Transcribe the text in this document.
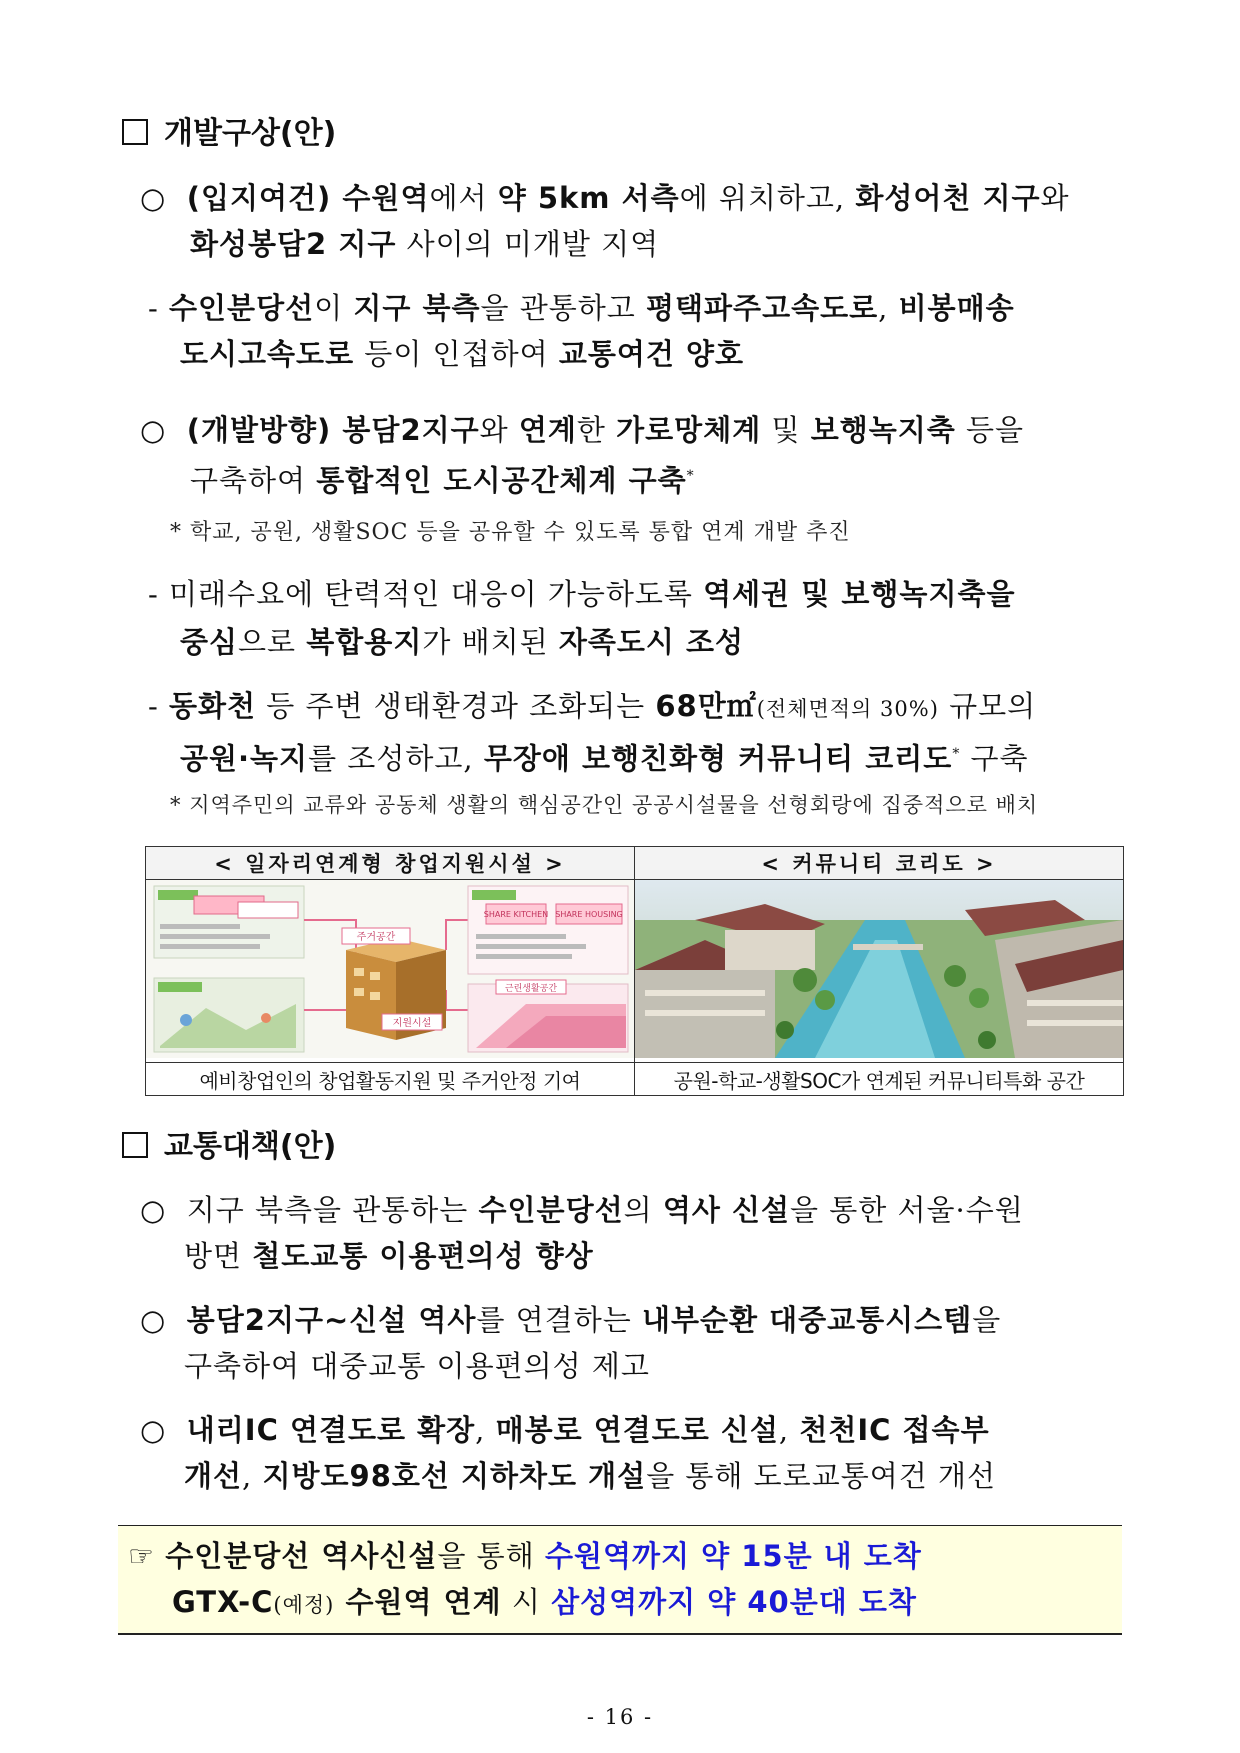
개발구상(안)
○ (입지여건) 수원역에서 약 5km 서측에 위치하고, 화성어천 지구와
화성봉담2 지구 사이의 미개발 지역
- 수인분당선이 지구 북측을 관통하고 평택파주고속도로, 비봉매송
도시고속도로 등이 인접하여 교통여건 양호
○ (개발방향) 봉담2지구와 연계한 가로망체계 및 보행녹지축 등을
구축하여 통합적인 도시공간체계 구축*
* 학교, 공원, 생활SOC 등을 공유할 수 있도록 통합 연계 개발 추진
- 미래수요에 탄력적인 대응이 가능하도록 역세권 및 보행녹지축을
중심으로 복합용지가 배치된 자족도시 조성
- 동화천 등 주변 생태환경과 조화되는 68만㎡(전체면적의 30%) 규모의
공원·녹지를 조성하고, 무장애 보행친화형 커뮤니티 코리도* 구축
* 지역주민의 교류와 공동체 생활의 핵심공간인 공공시설물을 선형회랑에 집중적으로 배치
< 일자리연계형 창업지원시설 >	< 커뮤니티 코리도 >

주거공간
지원시설
SHARE KITCHEN SHARE HOUSING
근린생활공간

예비창업인의 창업활동지원 및 주거안정 기여	공원-학교-생활SOC가 연계된 커뮤니티특화 공간
교통대책(안)
○ 지구 북측을 관통하는 수인분당선의 역사 신설을 통한 서울·수원
방면 철도교통 이용편의성 향상
○ 봉담2지구~신설 역사를 연결하는 내부순환 대중교통시스템을
구축하여 대중교통 이용편의성 제고
○ 내리IC 연결도로 확장, 매봉로 연결도로 신설, 천천IC 접속부
개선, 지방도98호선 지하차도 개설을 통해 도로교통여건 개선
☞ 수인분당선 역사신설을 통해 수원역까지 약 15분 내 도착
GTX-C(예정) 수원역 연계 시 삼성역까지 약 40분대 도착
- 16 -
